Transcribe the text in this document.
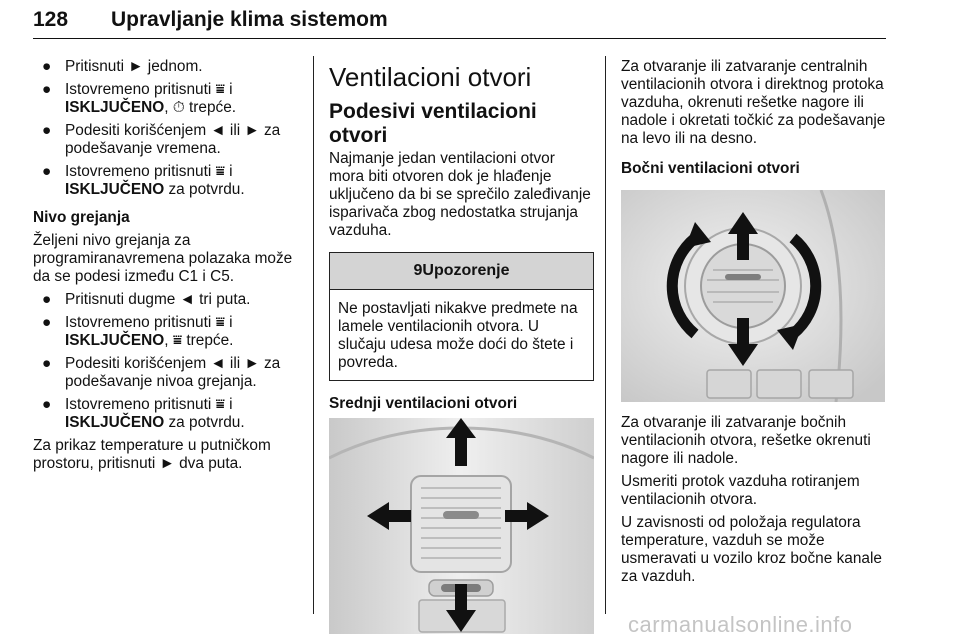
128 Upravljanje klima sistemom
● Pritisnuti ► jednom.
● Istovremeno pritisnuti ⩸ i ISKLJUČENO, ⏱ trepće.
● Podesiti korišćenjem ◄ ili ► za podešavanje vremena.
● Istovremeno pritisnuti ⩸ i ISKLJUČENO za potvrdu.
Nivo grejanja
Željeni nivo grejanja za programiranavremena polazaka može da se podesi između C1 i C5.
● Pritisnuti dugme ◄ tri puta.
● Istovremeno pritisnuti ⩸ i ISKLJUČENO, ⩸ trepće.
● Podesiti korišćenjem ◄ ili ► za podešavanje nivoa grejanja.
● Istovremeno pritisnuti ⩸ i ISKLJUČENO za potvrdu.
Za prikaz temperature u putničkom prostoru, pritisnuti ► dva puta.
Ventilacioni otvori
Podesivi ventilacioni otvori
Najmanje jedan ventilacioni otvor mora biti otvoren dok je hlađenje uključeno da bi se sprečilo zaleđivanje isparivača zbog nedostatka strujanja vazduha.
9Upozorenje
Ne postavljati nikakve predmete na lamele ventilacionih otvora. U slučaju udesa može doći do štete i povreda.
Srednji ventilacioni otvori
Za otvaranje ili zatvaranje centralnih ventilacionih otvora i direktnog protoka vazduha, okrenuti rešetke nagore ili nadole i okretati točkić za podešavanje na levo ili na desno.
Bočni ventilacioni otvori
Za otvaranje ili zatvaranje bočnih ventilacionih otvora, rešetke okrenuti nagore ili nadole.
Usmeriti protok vazduha rotiranjem ventilacionih otvora.
U zavisnosti od položaja regulatora temperature, vazduh se može usmeravati u vozilo kroz bočne kanale za vazduh.
carmanualsonline.info
